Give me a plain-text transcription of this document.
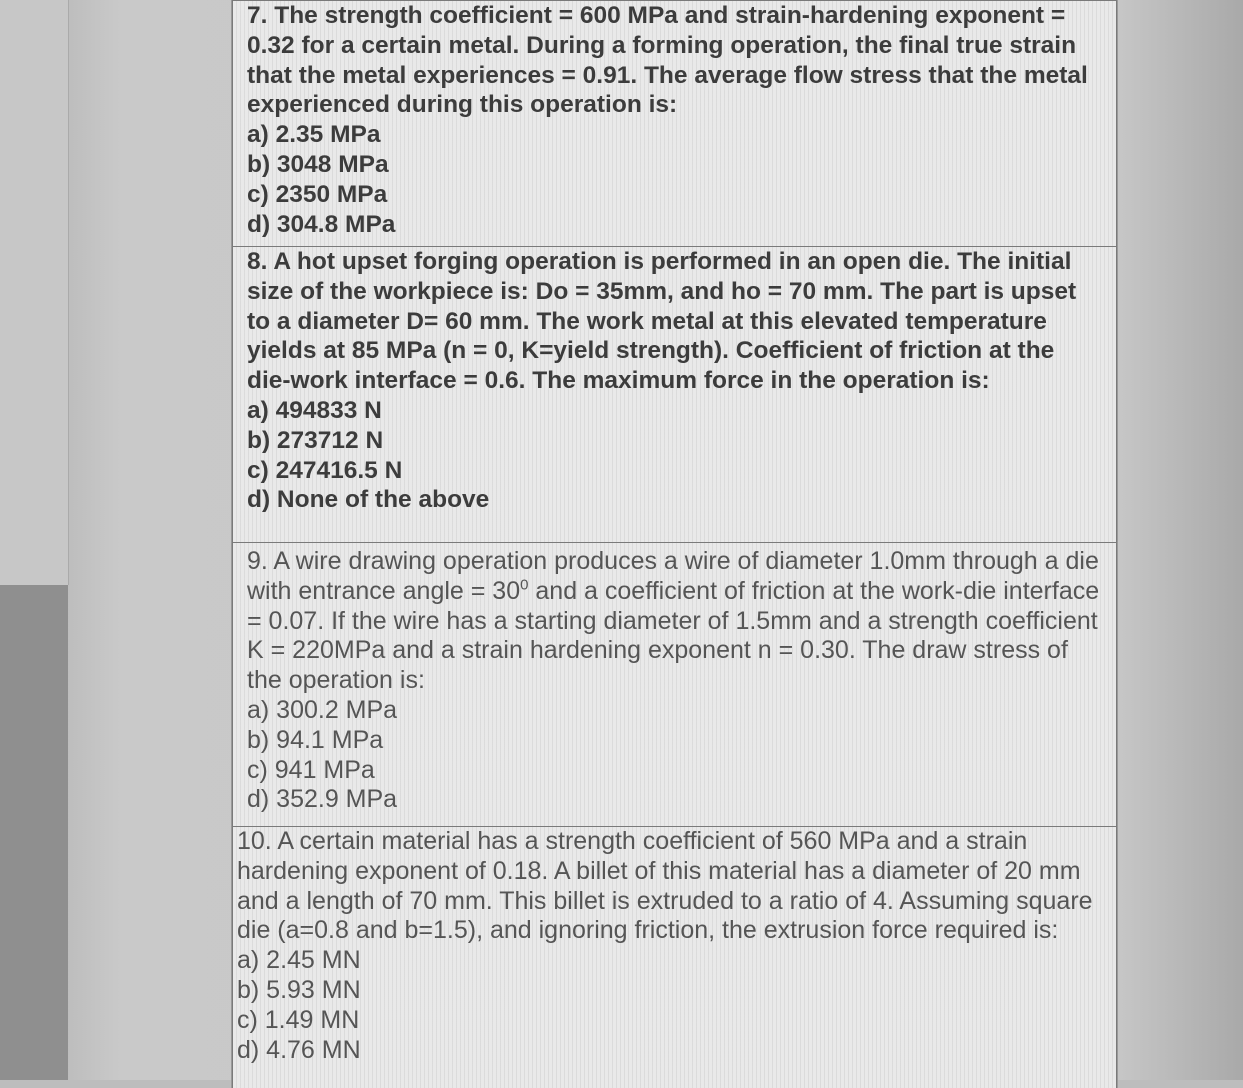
7. The strength coefficient = 600 MPa and strain-hardening exponent = 0.32 for a certain metal. During a forming operation, the final true strain that the metal experiences = 0.91. The average flow stress that the metal experienced during this operation is:

a) 2.35 MPa

b) 3048 MPa

c) 2350 MPa

d) 304.8 MPa

8. A hot upset forging operation is performed in an open die. The initial size of the workpiece is: Do = 35mm, and ho = 70 mm. The part is upset to a diameter D= 60 mm. The work metal at this elevated temperature yields at 85 MPa (n = 0, K=yield strength). Coefficient of friction at the die-work interface = 0.6. The maximum force in the operation is:

a) 494833 N

b) 273712 N

c) 247416.5 N

d) None of the above

9. A wire drawing operation produces a wire of diameter 1.0mm through a die with entrance angle = $30^0$ and a coefficient of friction at the work-die interface = 0.07. If the wire has a starting diameter of 1.5mm and a strength coefficient K = 220MPa and a strain hardening exponent n = 0.30. The draw stress of the operation is:

a) 300.2 MPa

b) 94.1 MPa

c) 941 MPa

d) 352.9 MPa

10. A certain material has a strength coefficient of 560 MPa and a strain hardening exponent of 0.18. A billet of this material has a diameter of 20 mm and a length of 70 mm. This billet is extruded to a ratio of 4. Assuming square die (a=0.8 and b=1.5), and ignoring friction, the extrusion force required is:

a) 2.45 MN

b) 5.93 MN

c) 1.49 MN

d) 4.76 MN
